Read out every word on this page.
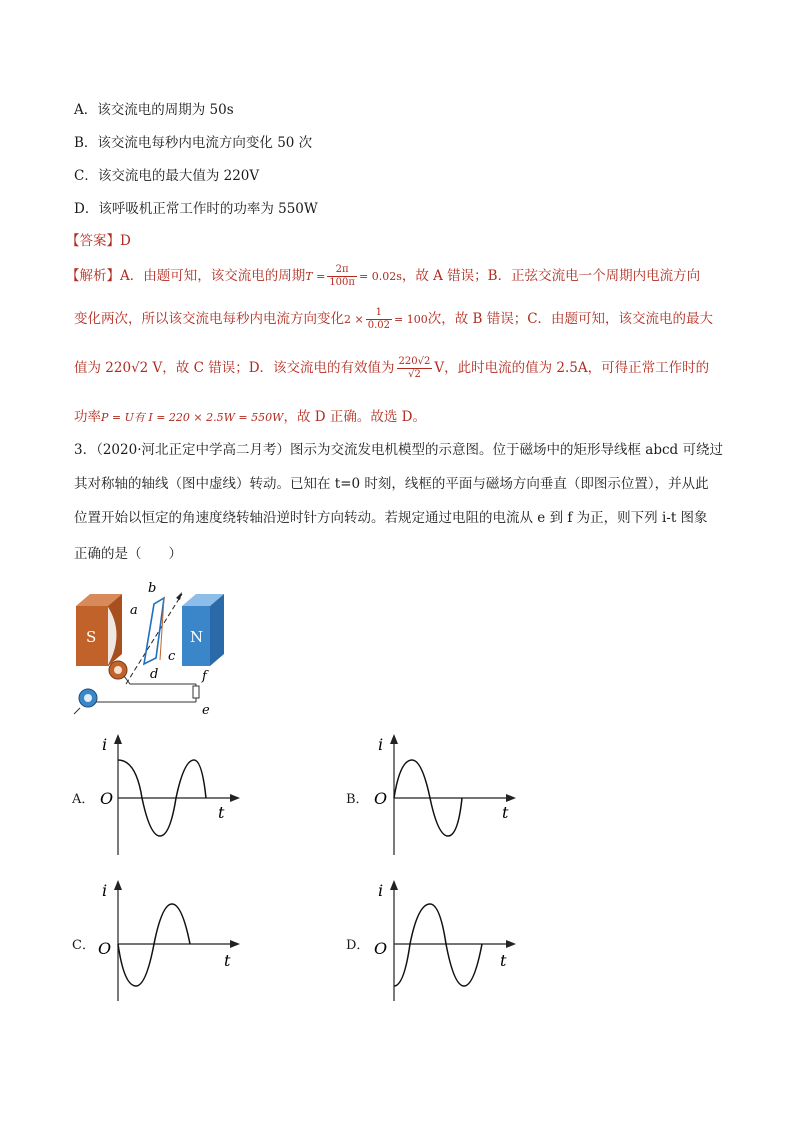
A．该交流电的周期为 50s
B．该交流电每秒内电流方向变化 50 次
C．该交流电的最大值为 220V
D．该呼吸机正常工作时的功率为 550W
【答案】D
【解析】A．由题可知，该交流电的周期$T = \frac{2\pi}{100\pi} = 0.02s$，故 A 错误；B．正弦交流电一个周期内电流方向
变化两次，所以该交流电每秒内电流方向变化$2 \times \frac{1}{0.02} = 100$次，故 B 错误；C．由题可知，该交流电的最大
值为 220√2 V，故 C 错误；D．该交流电的有效值为 $\frac{220√2}{√2}$ V，此时电流的值为 2.5A，可得正常工作时的
功率P = U有 I = 220 × 2.5W = 550W，故 D 正确。故选 D。
3．（2020·河北正定中学高二月考）图示为交流发电机模型的示意图。位于磁场中的矩形导线框 abcd 可绕过
其对称轴的轴线（图中虚线）转动。已知在 t=0 时刻，线框的平面与磁场方向垂直（即图示位置），并从此
位置开始以恒定的角速度绕转轴沿逆时针方向转动。若规定通过电阻的电流从 e 到 f 为正，则下列 i-t 图象
正确的是（　　）
S	N
a
b
c
d	f
e
A．
i
O
t
B．
i
O
t
C．
i
O
t
D．
i
O
t
